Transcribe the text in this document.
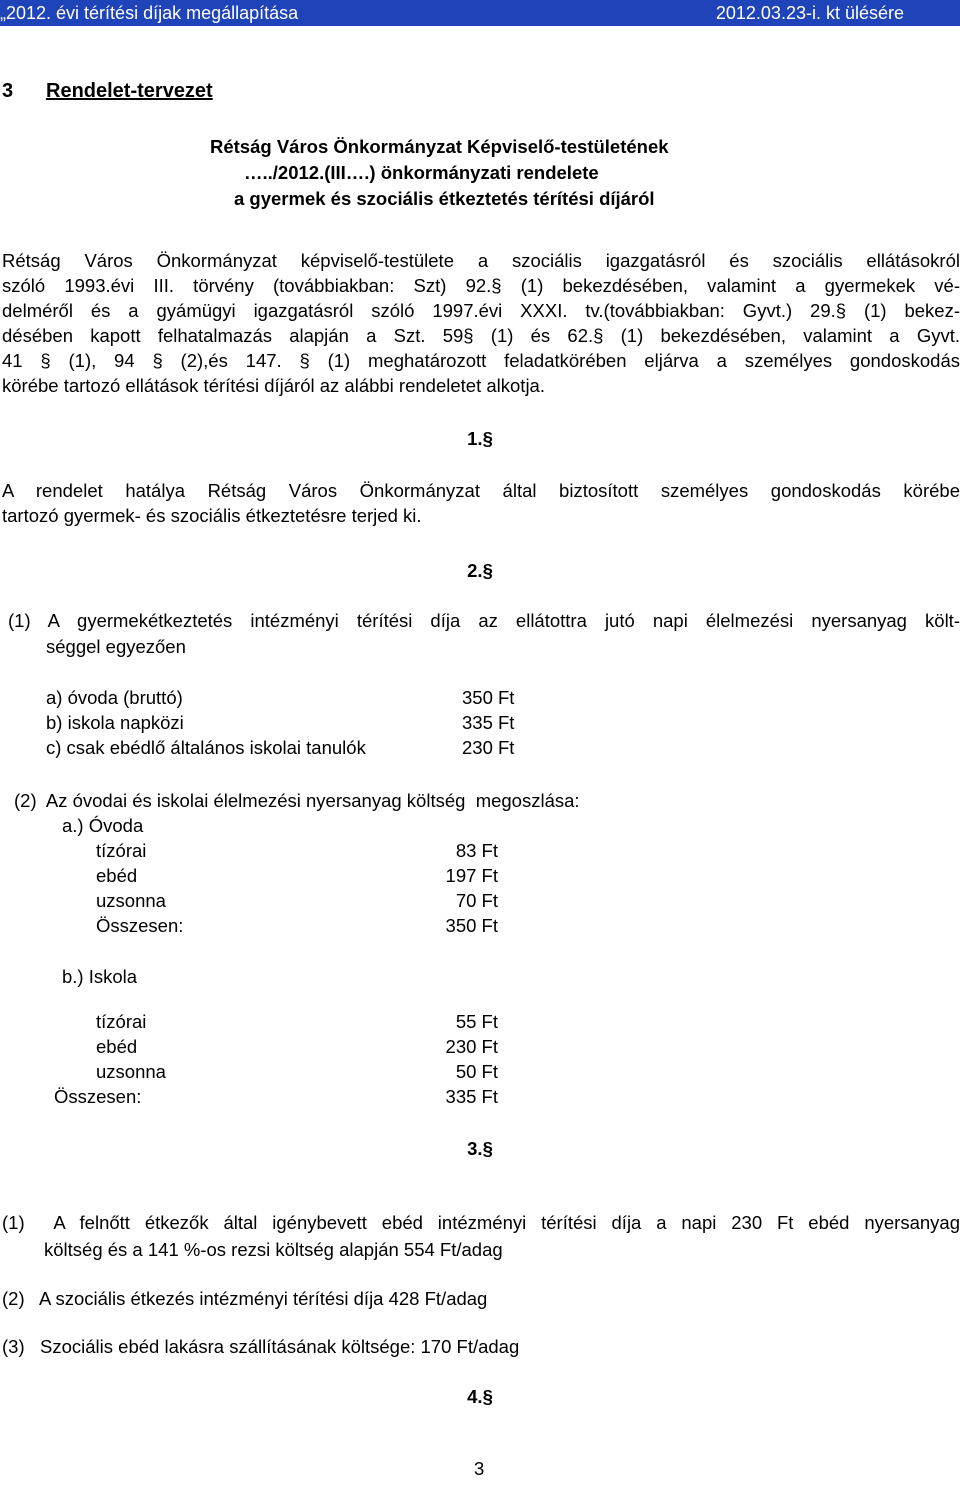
„2012. évi térítési díjak megállapítása	2012.03.23-i. kt ülésére
3 Rendelet-tervezet
Rétság Város Önkormányzat Képviselő-testületének
…../2012.(III….) önkormányzati rendelete
a gyermek és szociális étkeztetés térítési díjáról
Rétság Város Önkormányzat képviselő-testülete a szociális igazgatásról és szociális ellátásokról
szóló 1993.évi III. törvény (továbbiakban: Szt) 92.§ (1) bekezdésében, valamint a gyermekek vé-
delméről és a gyámügyi igazgatásról szóló 1997.évi XXXI. tv.(továbbiakban: Gyvt.) 29.§ (1) bekez-
désében kapott felhatalmazás alapján a Szt. 59§ (1) és 62.§ (1) bekezdésében, valamint a Gyvt.
41 § (1), 94 § (2),és 147. § (1) meghatározott feladatkörében eljárva a személyes gondoskodás
körébe tartozó ellátások térítési díjáról az alábbi rendeletet alkotja.
1.§
A rendelet hatálya Rétság Város Önkormányzat által biztosított személyes gondoskodás körébe
tartozó gyermek- és szociális étkeztetésre terjed ki.
2.§
(1) A gyermekétkeztetés intézményi térítési díja az ellátottra jutó napi élelmezési nyersanyag költ-
séggel egyezően
a) óvoda (bruttó)	350 Ft
b) iskola napközi	335 Ft
c) csak ebédlő általános iskolai tanulók	230 Ft
(2)  Az óvodai és iskolai élelmezési nyersanyag költség  megoszlása:
a.) Óvoda
tízórai	83 Ft
ebéd	197 Ft
uzsonna	70 Ft
Összesen:	350 Ft
b.) Iskola
tízórai	55 Ft
ebéd	230 Ft
uzsonna	50 Ft
Összesen:	335 Ft
3.§
(1)  A felnőtt étkezők által igénybevett ebéd intézményi térítési díja a napi 230 Ft ebéd nyersanyag
költség és a 141 %-os rezsi költség alapján 554 Ft/adag
(2)   A szociális étkezés intézményi térítési díja 428 Ft/adag
(3)   Szociális ebéd lakásra szállításának költsége: 170 Ft/adag
4.§
3
